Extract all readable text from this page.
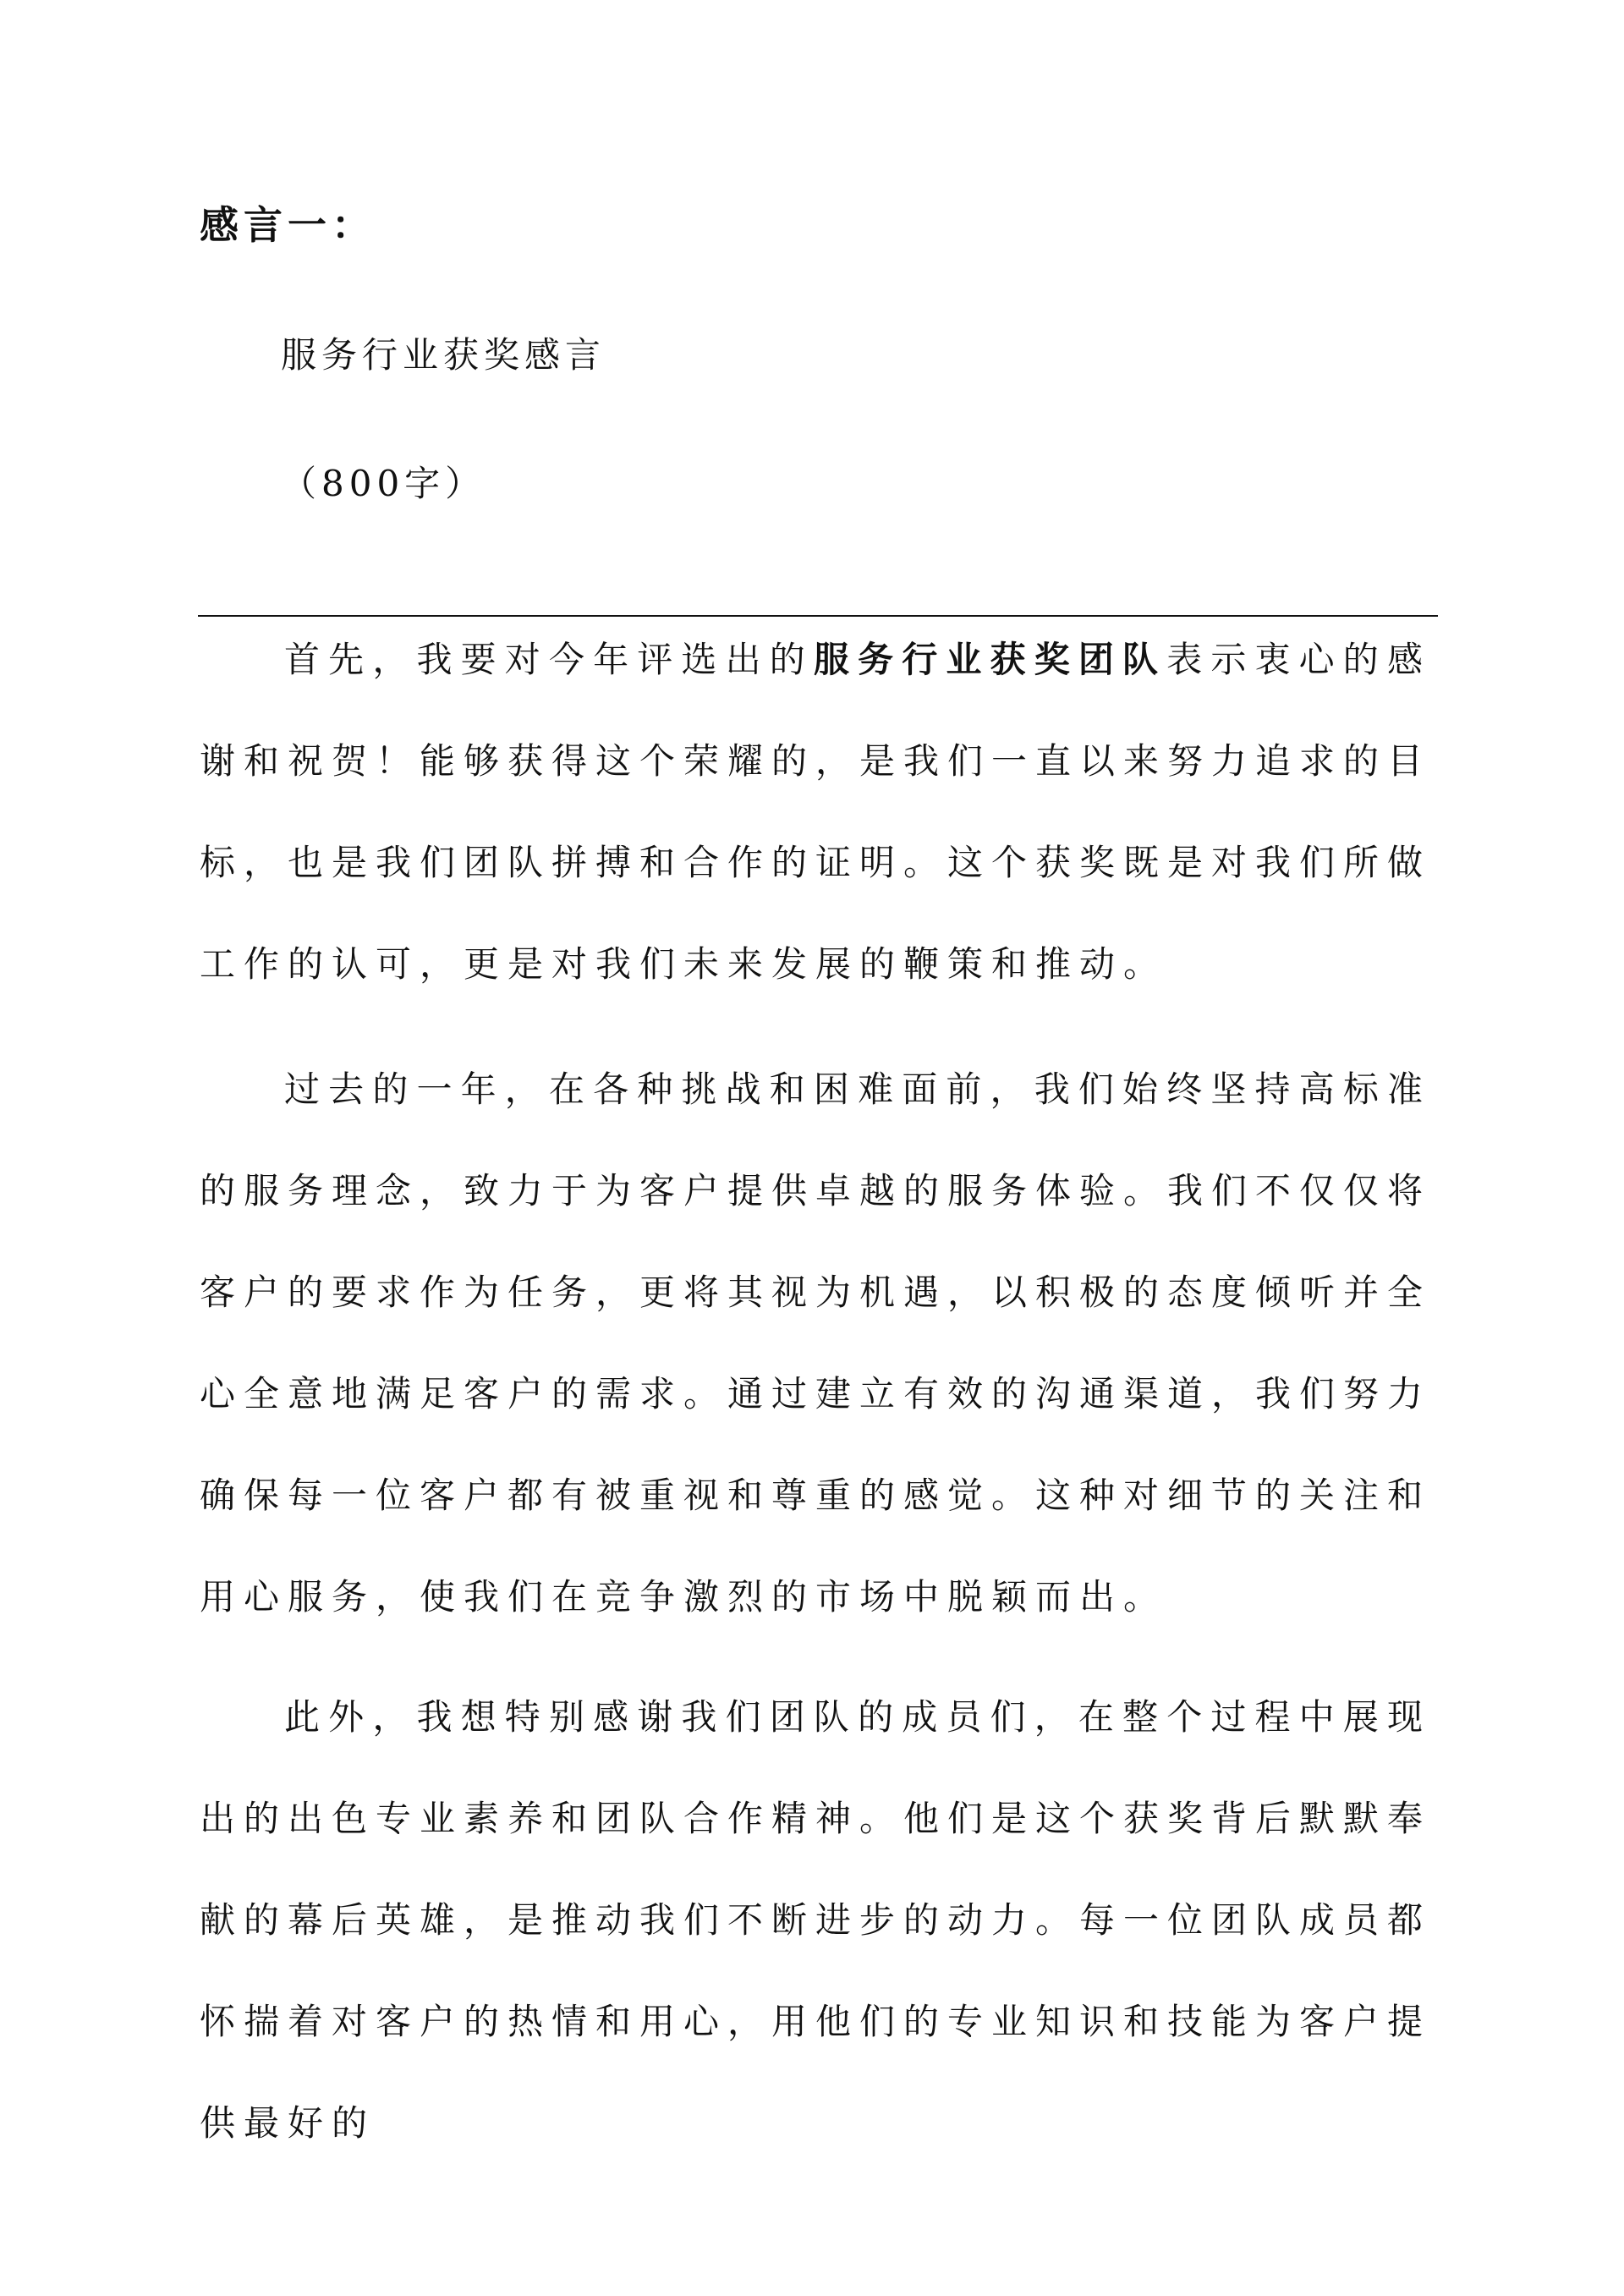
感言一：
服务行业获奖感言
（800字）

首先，我要对今年评选出的服务行业获奖团队表示衷心的感谢和祝贺！能够获得这个荣耀的，是我们一直以来努力追求的目标，也是我们团队拼搏和合作的证明。这个获奖既是对我们所做工作的认可，更是对我们未来发展的鞭策和推动。

过去的一年，在各种挑战和困难面前，我们始终坚持高标准的服务理念，致力于为客户提供卓越的服务体验。我们不仅仅将客户的要求作为任务，更将其视为机遇，以积极的态度倾听并全心全意地满足客户的需求。通过建立有效的沟通渠道，我们努力确保每一位客户都有被重视和尊重的感觉。这种对细节的关注和用心服务，使我们在竞争激烈的市场中脱颖而出。

此外，我想特别感谢我们团队的成员们，在整个过程中展现出的出色专业素养和团队合作精神。他们是这个获奖背后默默奉献的幕后英雄，是推动我们不断进步的动力。每一位团队成员都怀揣着对客户的热情和用心，用他们的专业知识和技能为客户提供最好的
